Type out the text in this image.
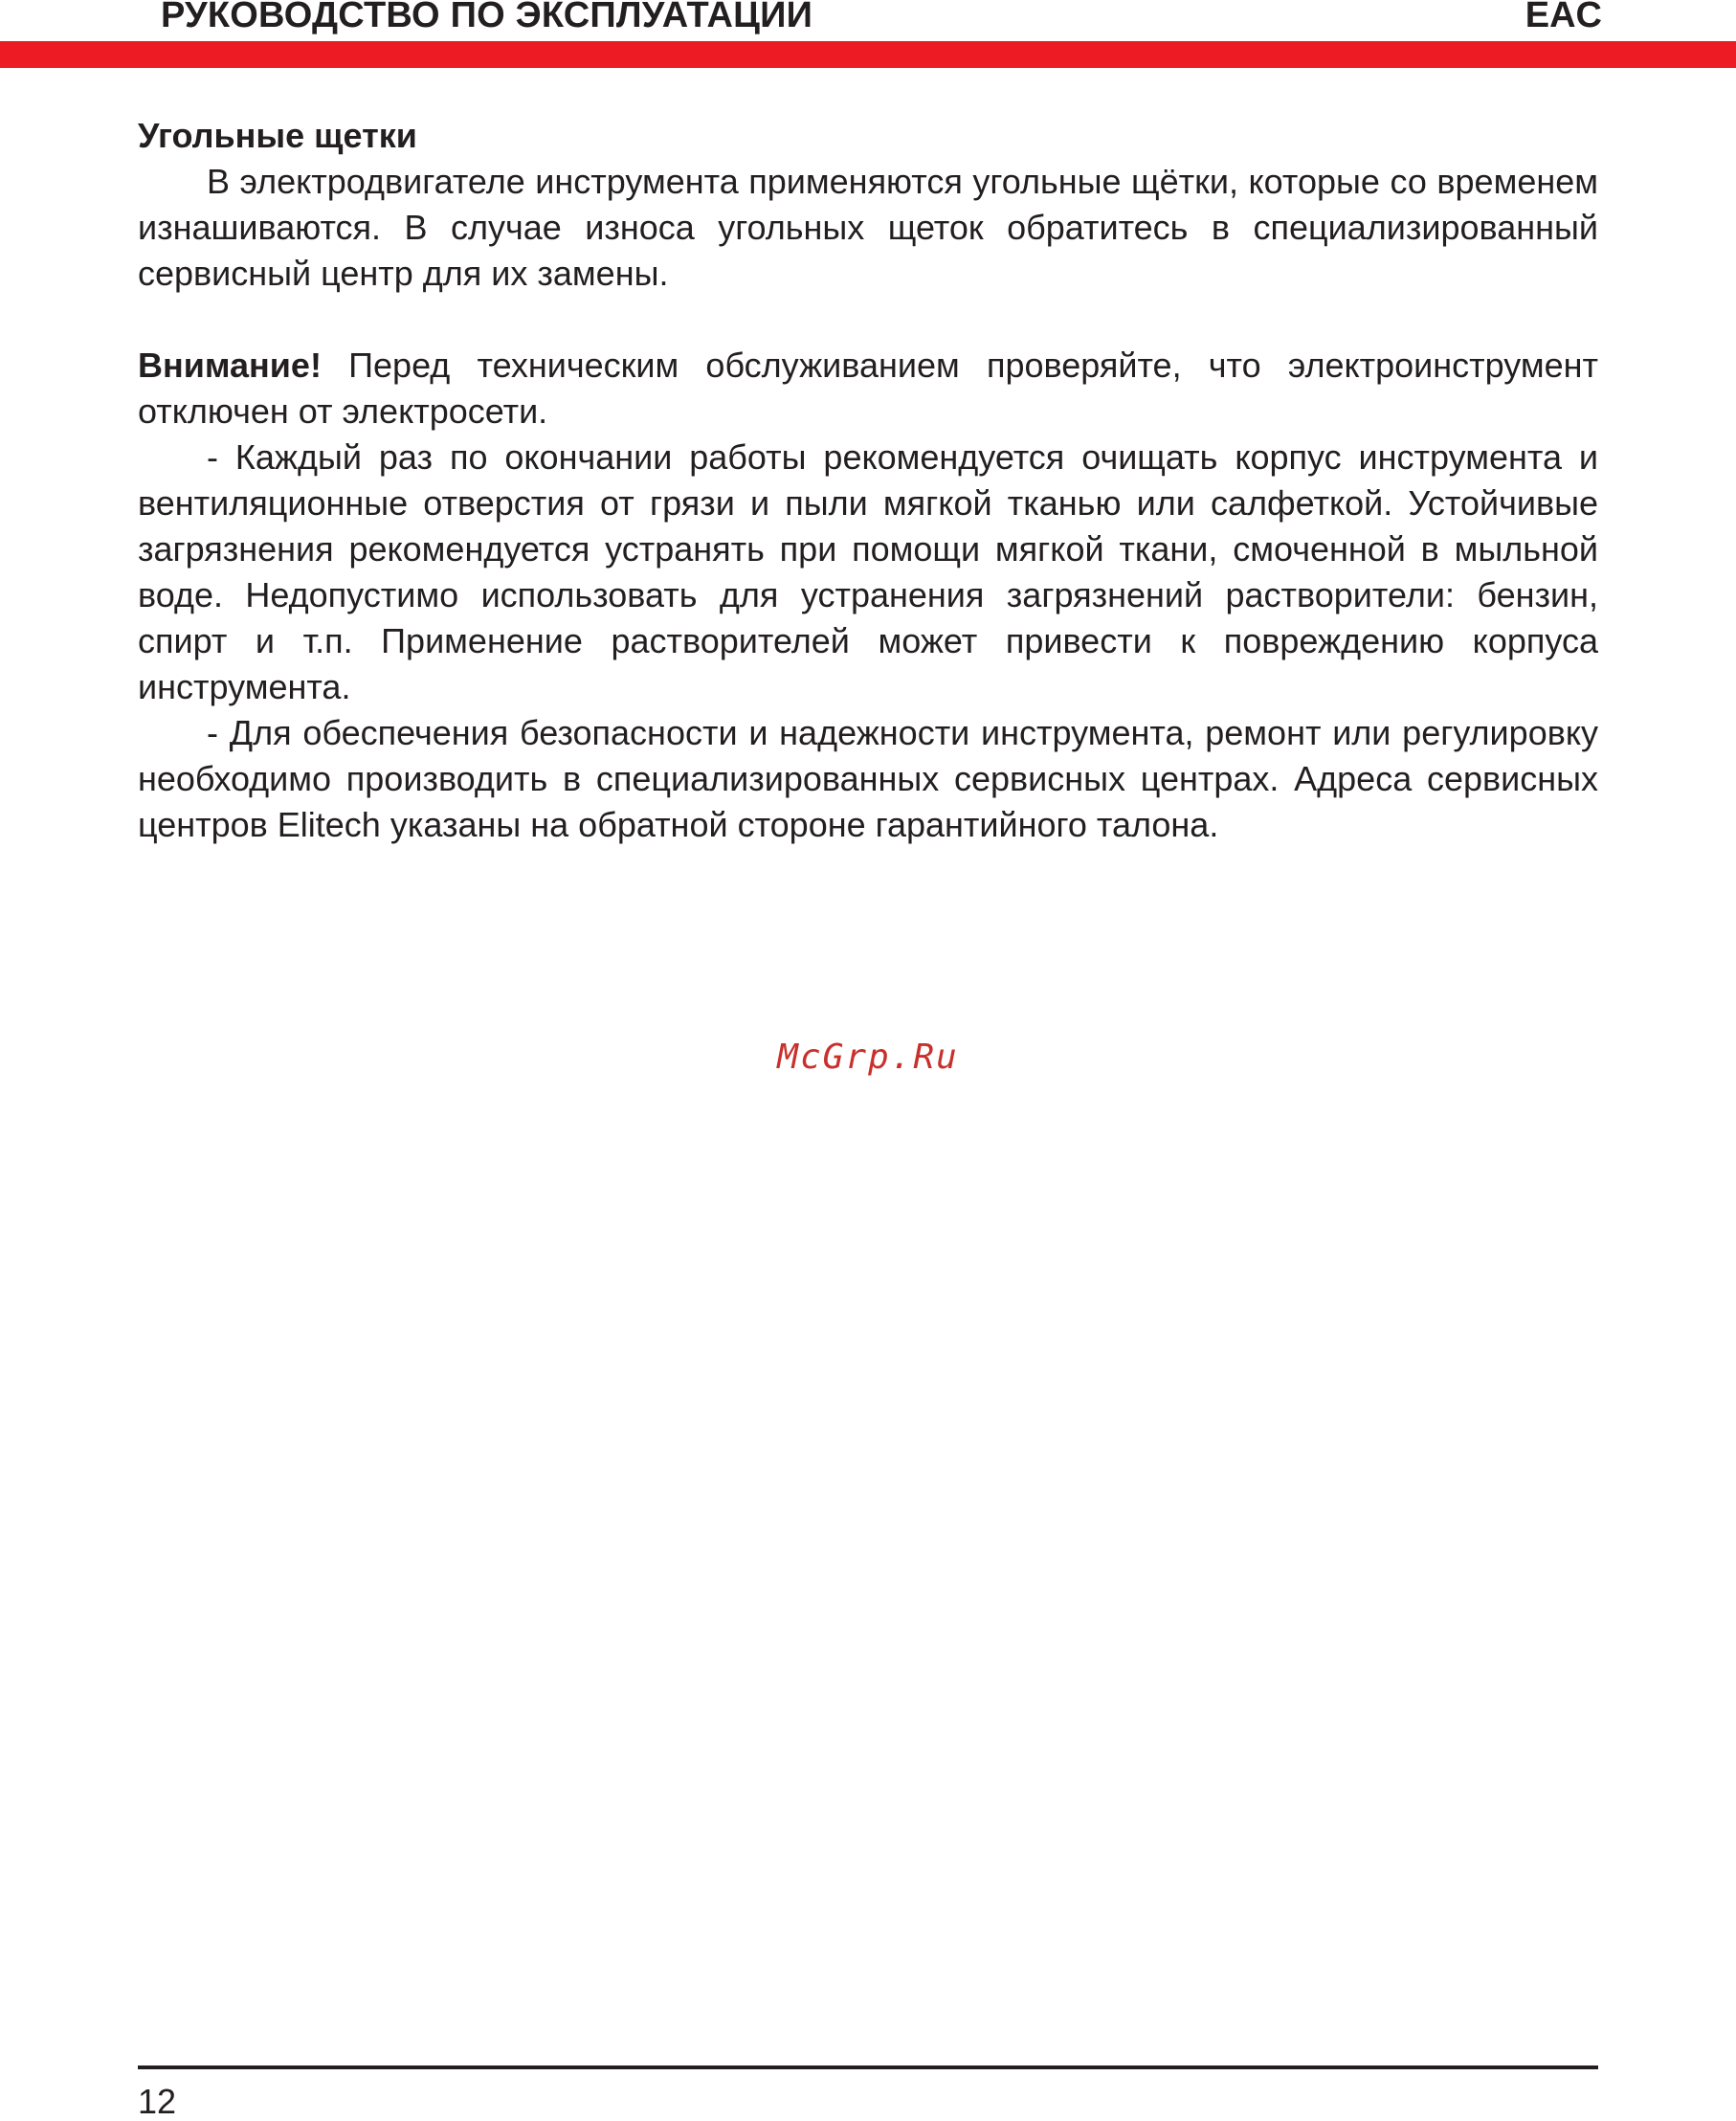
РУКОВОДСТВО ПО ЭКСПЛУАТАЦИИ	EAC

Угольные щетки

В электродвигателе инструмента применяются угольные щётки, которые со временем изнашиваются. В случае износа угольных щеток обратитесь в специализированный сервисный центр для их замены.

Внимание! Перед техническим обслуживанием проверяйте, что электроинструмент отключен от электросети.

- Каждый раз по окончании работы рекомендуется очищать корпус инструмента и вентиляционные отверстия от грязи и пыли мягкой тканью или салфеткой. Устойчивые загрязнения рекомендуется устранять при помощи мягкой ткани, смоченной в мыльной воде. Недопустимо использовать для устранения загрязнений растворители: бензин, спирт и т.п. Применение растворителей может привести к повреждению корпуса инструмента.

- Для обеспечения безопасности и надежности инструмента, ремонт или регулировку необходимо производить в специализированных сервисных центрах. Адреса сервисных центров Elitech указаны на обратной стороне гарантийного талона.

McGrp.Ru
12
